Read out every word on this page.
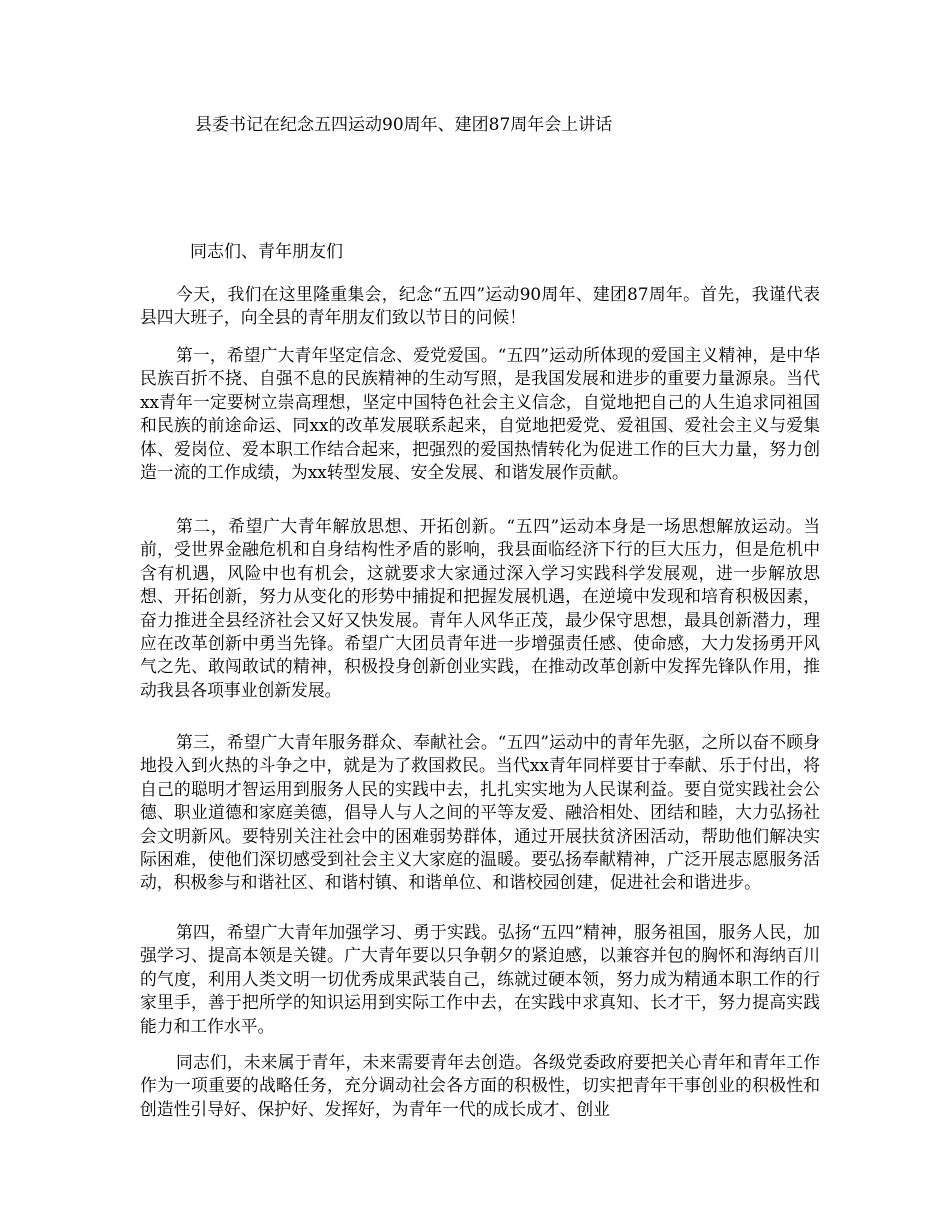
县委书记在纪念五四运动90周年、建团87周年会上讲话
同志们、青年朋友们

今天，我们在这里隆重集会，纪念“五四”运动90周年、建团87周年。首先，我谨代表县四大班子，向全县的青年朋友们致以节日的问候！

第一，希望广大青年坚定信念、爱党爱国。“五四”运动所体现的爱国主义精神，是中华民族百折不挠、自强不息的民族精神的生动写照，是我国发展和进步的重要力量源泉。当代xx青年一定要树立崇高理想，坚定中国特色社会主义信念，自觉地把自己的人生追求同祖国和民族的前途命运、同xx的改革发展联系起来，自觉地把爱党、爱祖国、爱社会主义与爱集体、爱岗位、爱本职工作结合起来，把强烈的爱国热情转化为促进工作的巨大力量，努力创造一流的工作成绩，为xx转型发展、安全发展、和谐发展作贡献。

第二，希望广大青年解放思想、开拓创新。“五四”运动本身是一场思想解放运动。当前，受世界金融危机和自身结构性矛盾的影响，我县面临经济下行的巨大压力，但是危机中含有机遇，风险中也有机会，这就要求大家通过深入学习实践科学发展观，进一步解放思想、开拓创新，努力从变化的形势中捕捉和把握发展机遇，在逆境中发现和培育积极因素，奋力推进全县经济社会又好又快发展。青年人风华正茂，最少保守思想，最具创新潜力，理应在改革创新中勇当先锋。希望广大团员青年进一步增强责任感、使命感，大力发扬勇开风气之先、敢闯敢试的精神，积极投身创新创业实践，在推动改革创新中发挥先锋队作用，推动我县各项事业创新发展。

第三，希望广大青年服务群众、奉献社会。“五四”运动中的青年先驱，之所以奋不顾身地投入到火热的斗争之中，就是为了救国救民。当代xx青年同样要甘于奉献、乐于付出，将自己的聪明才智运用到服务人民的实践中去，扎扎实实地为人民谋利益。要自觉实践社会公德、职业道德和家庭美德，倡导人与人之间的平等友爱、融洽相处、团结和睦，大力弘扬社会文明新风。要特别关注社会中的困难弱势群体，通过开展扶贫济困活动，帮助他们解决实际困难，使他们深切感受到社会主义大家庭的温暖。要弘扬奉献精神，广泛开展志愿服务活动，积极参与和谐社区、和谐村镇、和谐单位、和谐校园创建，促进社会和谐进步。

第四，希望广大青年加强学习、勇于实践。弘扬“五四”精神，服务祖国，服务人民，加强学习、提高本领是关键。广大青年要以只争朝夕的紧迫感，以兼容并包的胸怀和海纳百川的气度，利用人类文明一切优秀成果武装自己，练就过硬本领，努力成为精通本职工作的行家里手，善于把所学的知识运用到实际工作中去，在实践中求真知、长才干，努力提高实践能力和工作水平。

同志们，未来属于青年，未来需要青年去创造。各级党委政府要把关心青年和青年工作作为一项重要的战略任务，充分调动社会各方面的积极性，切实把青年干事创业的积极性和创造性引导好、保护好、发挥好，为青年一代的成长成才、创业
